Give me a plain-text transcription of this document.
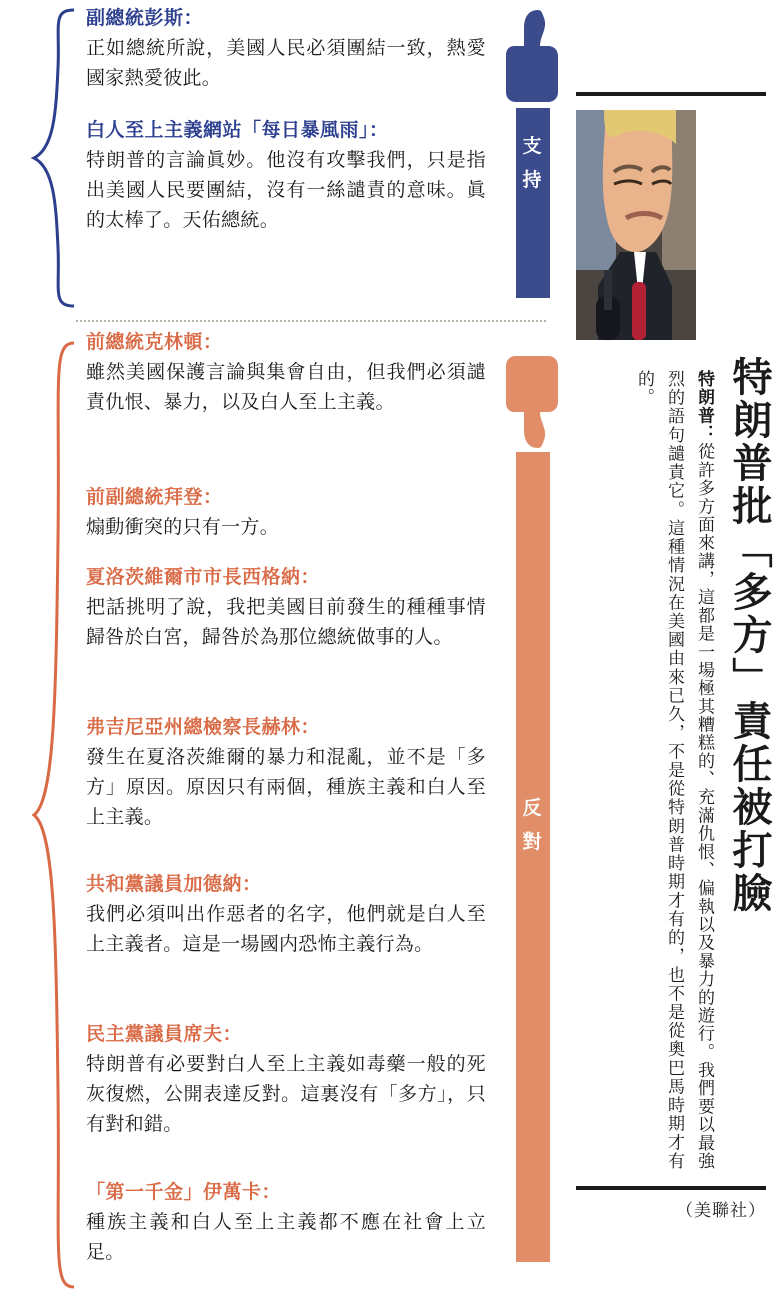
副總統彭斯：

正如總統所說，美國人民必須團結一致，熱愛國家熱愛彼此。

白人至上主義網站「每日暴風雨」：

特朗普的言論眞妙。他沒有攻擊我們，只是指出美國人民要團結，沒有一絲譴責的意味。眞的太棒了。天佑總統。

前總統克林頓：

雖然美國保護言論與集會自由，但我們必須譴責仇恨、暴力，以及白人至上主義。

前副總統拜登：

煽動衝突的只有一方。

夏洛茨維爾市市長西格納：

把話挑明了說，我把美國目前發生的種種事情歸咎於白宮，歸咎於為那位總統做事的人。

弗吉尼亞州總檢察長赫林：

發生在夏洛茨維爾的暴力和混亂，並不是「多方」原因。原因只有兩個，種族主義和白人至上主義。

共和黨議員加德納：

我們必須叫出作惡者的名字，他們就是白人至上主義者。這是一場國内恐怖主義行為。

民主黨議員席夫：

特朗普有必要對白人至上主義如毒藥一般的死灰復燃，公開表達反對。這裏沒有「多方」，只有對和錯。

「第一千金」伊萬卡：

種族主義和白人至上主義都不應在社會上立足。

支持
反對	特朗普批「多方」責任被打臉
特朗普：從許多方面來講，這都是一場極其糟糕的、充滿仇恨、偏執以及暴力的遊行。我們要以最強烈的語句譴責它。這種情況在美國由來已久，不是從特朗普時期才有的，也不是從奧巴馬時期才有的。
（美聯社）
